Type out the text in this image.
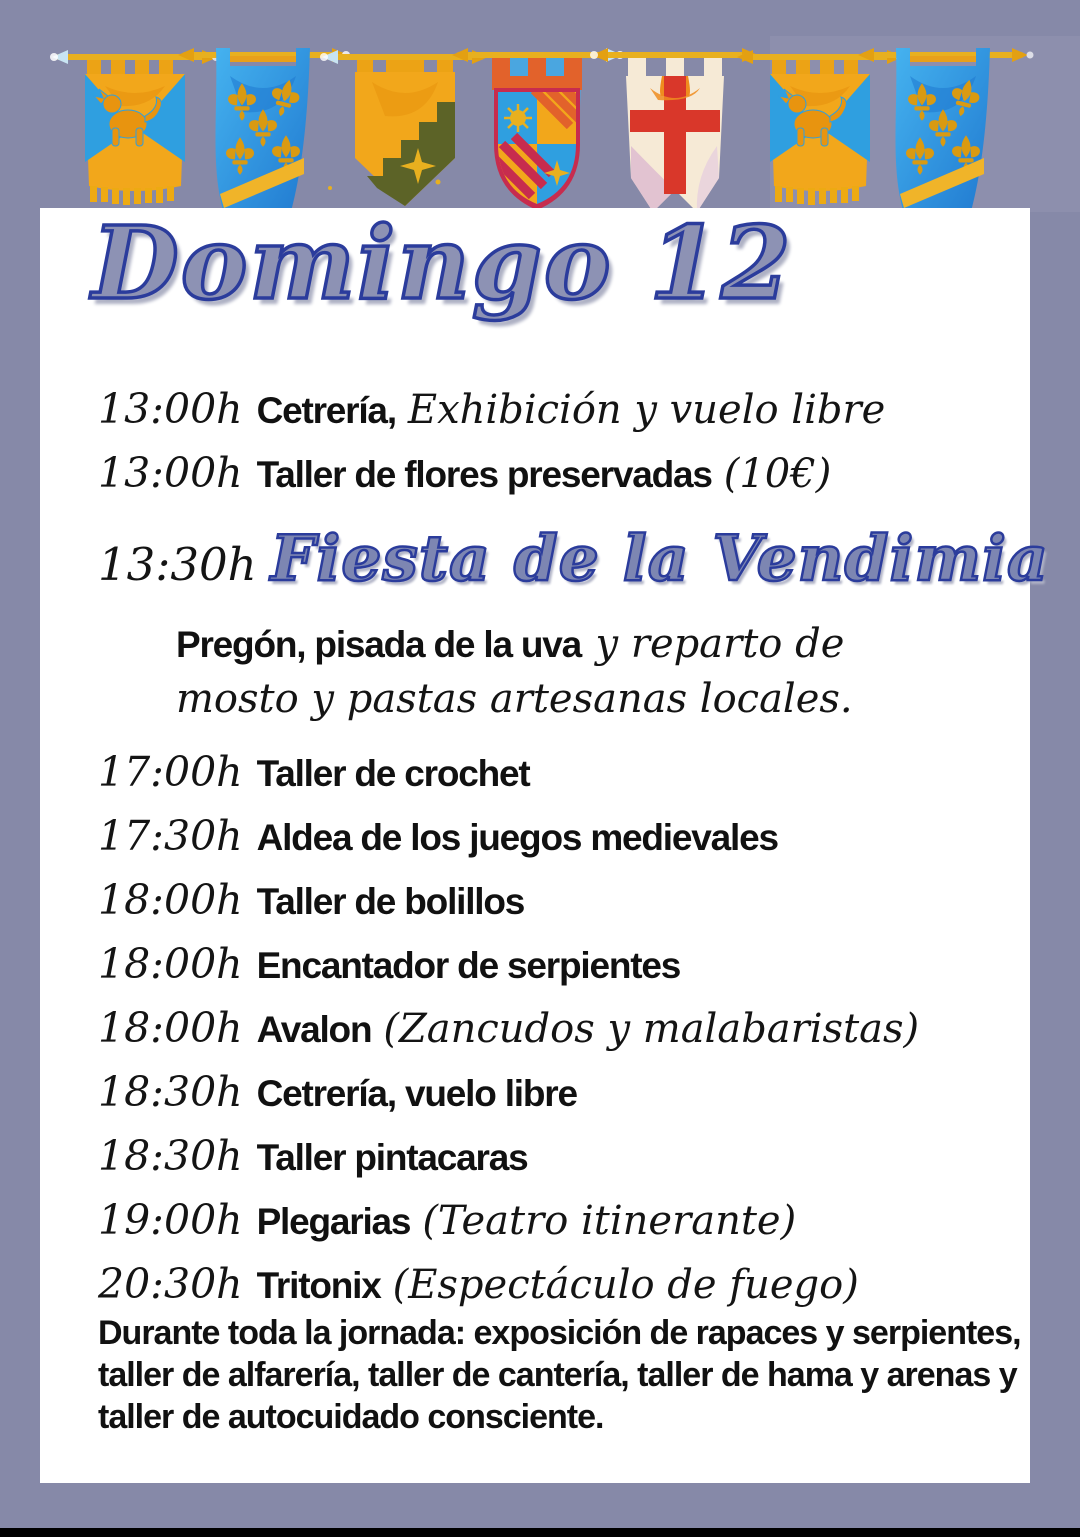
Domingo 12
13:00h Cetrería, Exhibición y vuelo libre
13:00h Taller de flores preservadas (10€)
13:30h Fiesta de la Vendimia
Pregón, pisada de la uva y reparto de mosto y pastas artesanas locales.
17:00h Taller de crochet
17:30h Aldea de los juegos medievales
18:00h Taller de bolillos
18:00h Encantador de serpientes
18:00h Avalon (Zancudos y malabaristas)
18:30h Cetrería, vuelo libre
18:30h Taller pintacaras
19:00h Plegarias (Teatro itinerante)
20:30h Tritonix (Espectáculo de fuego)
Durante toda la jornada: exposición de rapaces y serpientes, taller de alfarería, taller de cantería, taller de hama y arenas y taller de autocuidado consciente.
